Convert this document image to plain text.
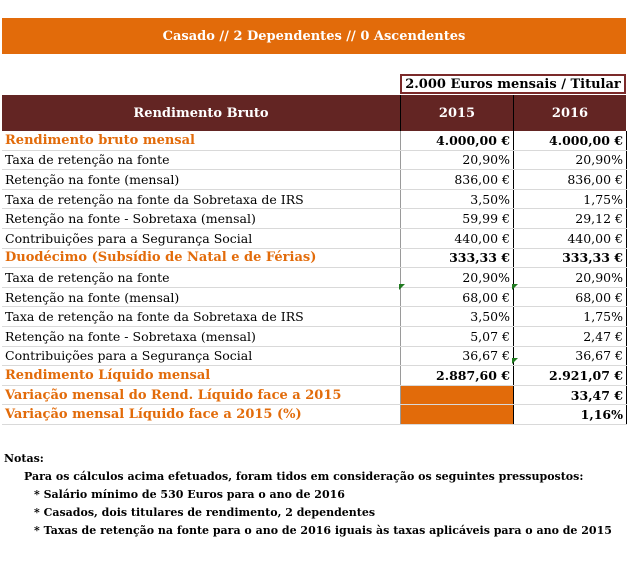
Casado // 2 Dependentes // 0 Ascendentes
2.000 Euros mensais / Titular
Rendimento Bruto	2015	2016
Rendimento bruto mensal	4.000,00 €	4.000,00 €
Taxa de retenção na fonte	20,90%	20,90%
Retenção na fonte (mensal)	836,00 €	836,00 €
Taxa de retenção na fonte da Sobretaxa de IRS	3,50%	1,75%
Retenção na fonte - Sobretaxa (mensal)	59,99 €	29,12 €
Contribuições para a Segurança Social	440,00 €	440,00 €
Duodécimo (Subsídio de Natal e de Férias)	333,33 €	333,33 €
Taxa de retenção na fonte	20,90%	20,90%
Retenção na fonte (mensal)	68,00 €	68,00 €
Taxa de retenção na fonte da Sobretaxa de IRS	3,50%	1,75%
Retenção na fonte - Sobretaxa (mensal)	5,07 €	2,47 €
Contribuições para a Segurança Social	36,67 €	36,67 €
Rendimento Líquido mensal	2.887,60 €	2.921,07 €
Variação mensal do Rend. Líquido face a 2015		33,47 €
Variação mensal Líquido face a 2015 (%)		1,16%
Notas:
Para os cálculos acima efetuados, foram tidos em consideração os seguintes pressupostos:
* Salário mínimo de 530 Euros para o ano de 2016
* Casados, dois titulares de rendimento, 2 dependentes
* Taxas de retenção na fonte para o ano de 2016 iguais às taxas aplicáveis para o ano de 2015
